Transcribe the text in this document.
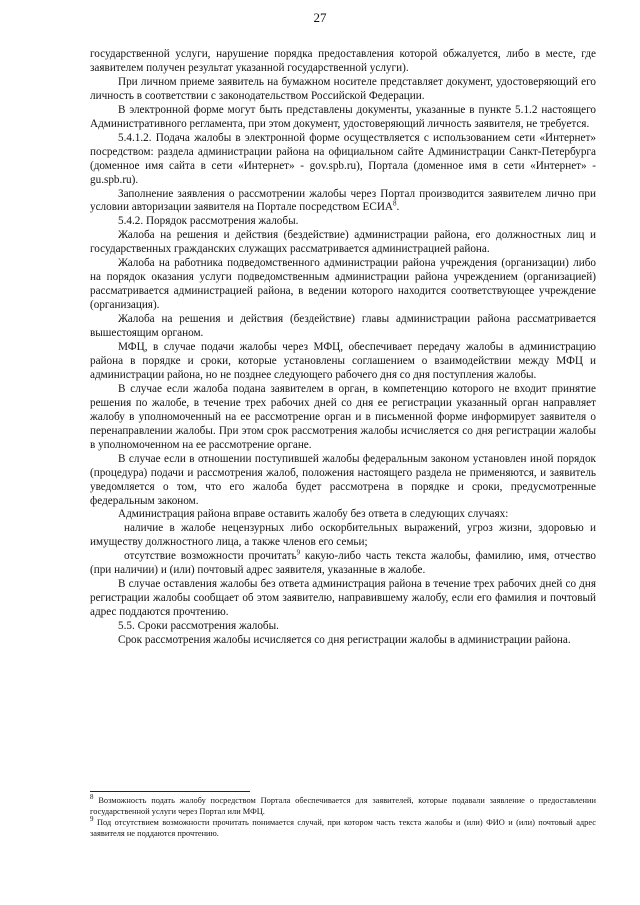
27

государственной услуги, нарушение порядка предоставления которой обжалуется, либо в месте, где заявителем получен результат указанной государственной услуги).

При личном приеме заявитель на бумажном носителе представляет документ, удостоверяющий его личность в соответствии с законодательством Российской Федерации.

В электронной форме могут быть представлены документы, указанные в пункте 5.1.2 настоящего Административного регламента, при этом документ, удостоверяющий личность заявителя, не требуется.

5.4.1.2. Подача жалобы в электронной форме осуществляется с использованием сети «Интернет» посредством: раздела администрации района на официальном сайте Администрации Санкт-Петербурга (доменное имя сайта в сети «Интернет» - gov.spb.ru), Портала (доменное имя в сети «Интернет» - gu.spb.ru).

Заполнение заявления о рассмотрении жалобы через Портал производится заявителем лично при условии авторизации заявителя на Портале посредством ЕСИА$^8$.

5.4.2. Порядок рассмотрения жалобы.

Жалоба на решения и действия (бездействие) администрации района, его должностных лиц и государственных гражданских служащих рассматривается администрацией района.

Жалоба на работника подведомственного администрации района учреждения (организации) либо на порядок оказания услуги подведомственным администрации района учреждением (организацией) рассматривается администрацией района, в ведении которого находится соответствующее учреждение (организация).

Жалоба на решения и действия (бездействие) главы администрации района рассматривается вышестоящим органом.

МФЦ, в случае подачи жалобы через МФЦ, обеспечивает передачу жалобы в администрацию района в порядке и сроки, которые установлены соглашением о взаимодействии между МФЦ и администрации района, но не позднее следующего рабочего дня со дня поступления жалобы.

В случае если жалоба подана заявителем в орган, в компетенцию которого не входит принятие решения по жалобе, в течение трех рабочих дней со дня ее регистрации указанный орган направляет жалобу в уполномоченный на ее рассмотрение орган и в письменной форме информирует заявителя о перенаправлении жалобы. При этом срок рассмотрения жалобы исчисляется со дня регистрации жалобы в уполномоченном на ее рассмотрение органе.

В случае если в отношении поступившей жалобы федеральным законом установлен иной порядок (процедура) подачи и рассмотрения жалоб, положения настоящего раздела не применяются, и заявитель уведомляется о том, что его жалоба будет рассмотрена в порядке и сроки, предусмотренные федеральным законом.

Администрация района вправе оставить жалобу без ответа в следующих случаях:

наличие в жалобе нецензурных либо оскорбительных выражений, угроз жизни, здоровью и имуществу должностного лица, а также членов его семьи;

отсутствие возможности прочитать$^9$ какую-либо часть текста жалобы, фамилию, имя, отчество (при наличии) и (или) почтовый адрес заявителя, указанные в жалобе.

В случае оставления жалобы без ответа администрация района в течение трех рабочих дней со дня регистрации жалобы сообщает об этом заявителю, направившему жалобу, если его фамилия и почтовый адрес поддаются прочтению.

5.5. Сроки рассмотрения жалобы.

Срок рассмотрения жалобы исчисляется со дня регистрации жалобы в администрации района.

$^8$ Возможность подать жалобу посредством Портала обеспечивается для заявителей, которые подавали заявление о предоставлении государственной услуги через Портал или МФЦ.

$^9$ Под отсутствием возможности прочитать понимается случай, при котором часть текста жалобы и (или) ФИО и (или) почтовый адрес заявителя не поддаются прочтению.
